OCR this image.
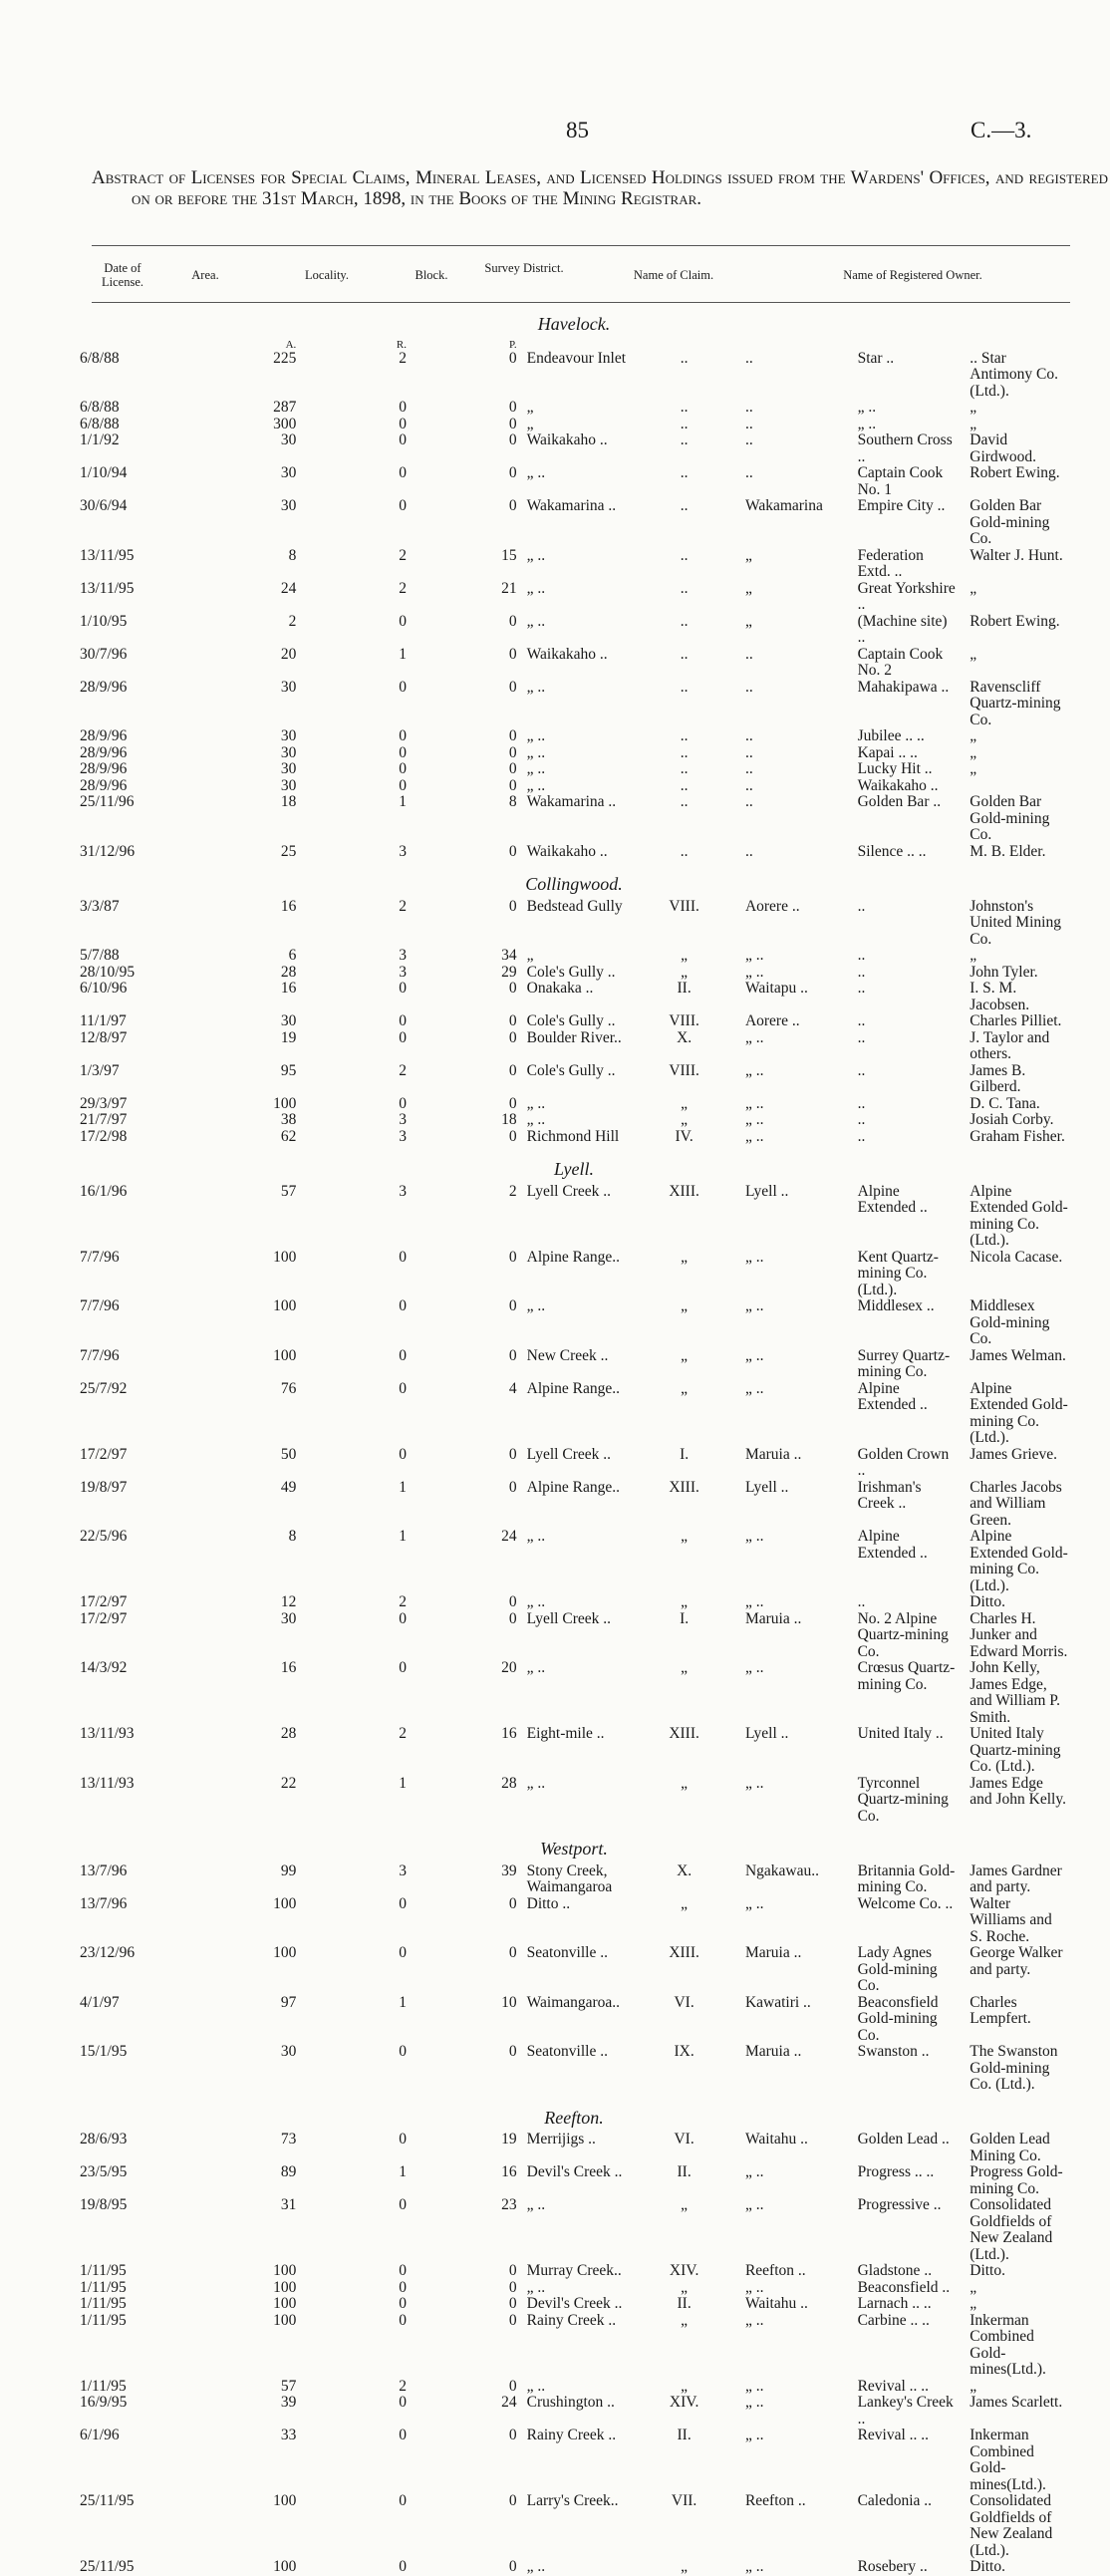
85	C.—3.
Abstract of Licenses for Special Claims, Mineral Leases, and Licensed Holdings issued from the Wardens' Offices, and registered on or before the 31st March, 1898, in the Books of the Mining Registrar.
Date of License.	Area.	Locality.	Block.	Survey District.	Name of Claim.	Name of Registered Owner.
Havelock.								
	A.	R.	P.					
6/8/88	225	2	0	Endeavour Inlet	..	..	Star ..	.. Star Antimony Co. (Ltd.).
6/8/88	287	0	0	„	..	..	„ ..	„
6/8/88	300	0	0	„	..	..	„ ..	„
1/1/92	30	0	0	Waikakaho ..	..	..	Southern Cross ..	David Girdwood.
1/10/94	30	0	0	„ ..	..	..	Captain Cook No. 1	Robert Ewing.
30/6/94	30	0	0	Wakamarina ..	..	Wakamarina	Empire City ..	Golden Bar Gold-mining Co.
13/11/95	8	2	15	„ ..	..	„	Federation Extd. ..	Walter J. Hunt.
13/11/95	24	2	21	„ ..	..	„	Great Yorkshire ..	„
1/10/95	2	0	0	„ ..	..	„	(Machine site) ..	Robert Ewing.
30/7/96	20	1	0	Waikakaho ..	..	..	Captain Cook No. 2	„
28/9/96	30	0	0	„ ..	..	..	Mahakipawa ..	Ravenscliff Quartz-mining Co.
28/9/96	30	0	0	„ ..	..	..	Jubilee .. ..	„
28/9/96	30	0	0	„ ..	..	..	Kapai .. ..	„
28/9/96	30	0	0	„ ..	..	..	Lucky Hit ..	„
28/9/96	30	0	0	„ ..	..	..	Waikakaho ..	
25/11/96	18	1	8	Wakamarina ..	..	..	Golden Bar ..	Golden Bar Gold-mining Co.
31/12/96	25	3	0	Waikakaho ..	..	..	Silence .. ..	M. B. Elder.

Collingwood.								
3/3/87	16	2	0	Bedstead Gully	VIII.	Aorere ..	..	Johnston's United Mining Co.
5/7/88	6	3	34	„	„	„ ..	..	„
28/10/95	28	3	29	Cole's Gully ..	„	„ ..	..	John Tyler.
6/10/96	16	0	0	Onakaka ..	II.	Waitapu ..	..	I. S. M. Jacobsen.
11/1/97	30	0	0	Cole's Gully ..	VIII.	Aorere ..	..	Charles Pilliet.
12/8/97	19	0	0	Boulder River..	X.	„ ..	..	J. Taylor and others.
1/3/97	95	2	0	Cole's Gully ..	VIII.	„ ..	..	James B. Gilberd.
29/3/97	100	0	0	„ ..	„	„ ..	..	D. C. Tana.
21/7/97	38	3	18	„ ..	„	„ ..	..	Josiah Corby.
17/2/98	62	3	0	Richmond Hill	IV.	„ ..	..	Graham Fisher.

Lyell.								
16/1/96	57	3	2	Lyell Creek ..	XIII.	Lyell ..	Alpine Extended ..	Alpine Extended Gold-mining Co. (Ltd.).
7/7/96	100	0	0	Alpine Range..	„	„ ..	Kent Quartz-mining Co. (Ltd.).	Nicola Cacase.
7/7/96	100	0	0	„ ..	„	„ ..	Middlesex ..	Middlesex Gold-mining Co.
7/7/96	100	0	0	New Creek ..	„	„ ..	Surrey Quartz-mining Co.	James Welman.
25/7/92	76	0	4	Alpine Range..	„	„ ..	Alpine Extended ..	Alpine Extended Gold-mining Co. (Ltd.).
17/2/97	50	0	0	Lyell Creek ..	I.	Maruia ..	Golden Crown ..	James Grieve.
19/8/97	49	1	0	Alpine Range..	XIII.	Lyell ..	Irishman's Creek ..	Charles Jacobs and William Green.
22/5/96	8	1	24	„ ..	„	„ ..	Alpine Extended ..	Alpine Extended Gold-mining Co. (Ltd.).
17/2/97	12	2	0	„ ..	„	„ ..	..	Ditto.
17/2/97	30	0	0	Lyell Creek ..	I.	Maruia ..	No. 2 Alpine Quartz-mining Co.	Charles H. Junker and Edward Morris.
14/3/92	16	0	20	„ ..	„	„ ..	Crœsus Quartz-mining Co.	John Kelly, James Edge, and William P. Smith.
13/11/93	28	2	16	Eight-mile ..	XIII.	Lyell ..	United Italy ..	United Italy Quartz-mining Co. (Ltd.).
13/11/93	22	1	28	„ ..	„	„ ..	Tyrconnel Quartz-mining Co.	James Edge and John Kelly.

Westport.								
13/7/96	99	3	39	Stony Creek, Waimangaroa	X.	Ngakawau..	Britannia Gold-mining Co.	James Gardner and party.
13/7/96	100	0	0	Ditto ..	„	„ ..	Welcome Co. ..	Walter Williams and S. Roche.
23/12/96	100	0	0	Seatonville ..	XIII.	Maruia ..	Lady Agnes Gold-mining Co.	George Walker and party.
4/1/97	97	1	10	Waimangaroa..	VI.	Kawatiri ..	Beaconsfield Gold-mining Co.	Charles Lempfert.
15/1/95	30	0	0	Seatonville ..	IX.	Maruia ..	Swanston ..	The Swanston Gold-mining Co. (Ltd.).

Reefton.								
28/6/93	73	0	19	Merrijigs ..	VI.	Waitahu ..	Golden Lead ..	Golden Lead Mining Co.
23/5/95	89	1	16	Devil's Creek ..	II.	„ ..	Progress .. ..	Progress Gold-mining Co.
19/8/95	31	0	23	„ ..	„	„ ..	Progressive ..	Consolidated Goldfields of New Zealand (Ltd.).
1/11/95	100	0	0	Murray Creek..	XIV.	Reefton ..	Gladstone ..	Ditto.
1/11/95	100	0	0	„ ..	„	„ ..	Beaconsfield ..	„
1/11/95	100	0	0	Devil's Creek ..	II.	Waitahu ..	Larnach .. ..	„
1/11/95	100	0	0	Rainy Creek ..	„	„ ..	Carbine .. ..	Inkerman Combined Gold-mines(Ltd.).
1/11/95	57	2	0	„ ..	„	„ ..	Revival .. ..	„
16/9/95	39	0	24	Crushington ..	XIV.	„ ..	Lankey's Creek ..	James Scarlett.
6/1/96	33	0	0	Rainy Creek ..	II.	„ ..	Revival .. ..	Inkerman Combined Gold-mines(Ltd.).
25/11/95	100	0	0	Larry's Creek..	VII.	Reefton ..	Caledonia ..	Consolidated Goldfields of New Zealand (Ltd.).
25/11/95	100	0	0	„ ..	„	„ ..	Rosebery ..	Ditto.
